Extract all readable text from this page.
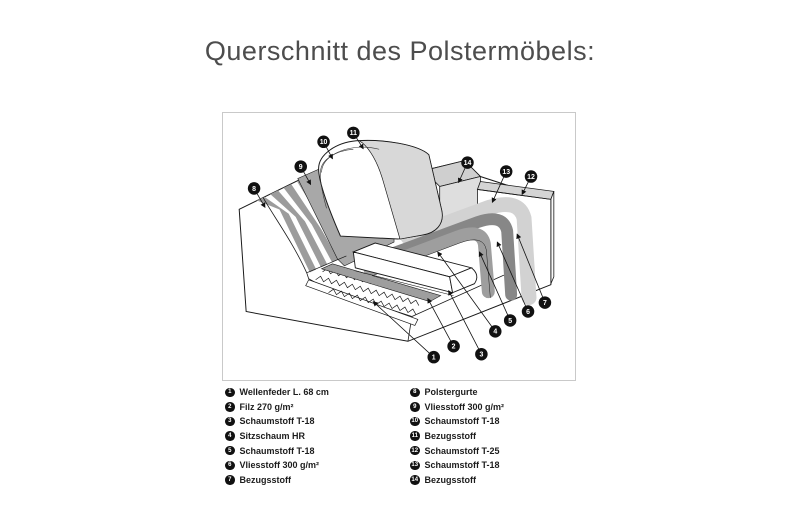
Querschnitt des Polstermöbels:
1
2
3
4
5
6
7
8
9
10
11
12
13
14
1 Wellenfeder L. 68 cm
2 Filz 270 g/m²
3 Schaumstoff T-18
4 Sitzschaum HR
5 Schaumstoff T-18
6 Vliesstoff 300 g/m²
7 Bezugsstoff
8 Polstergurte
9 Vliesstoff 300 g/m²
10 Schaumstoff T-18
11 Bezugsstoff
12 Schaumstoff T-25
13 Schaumstoff T-18
14 Bezugsstoff
